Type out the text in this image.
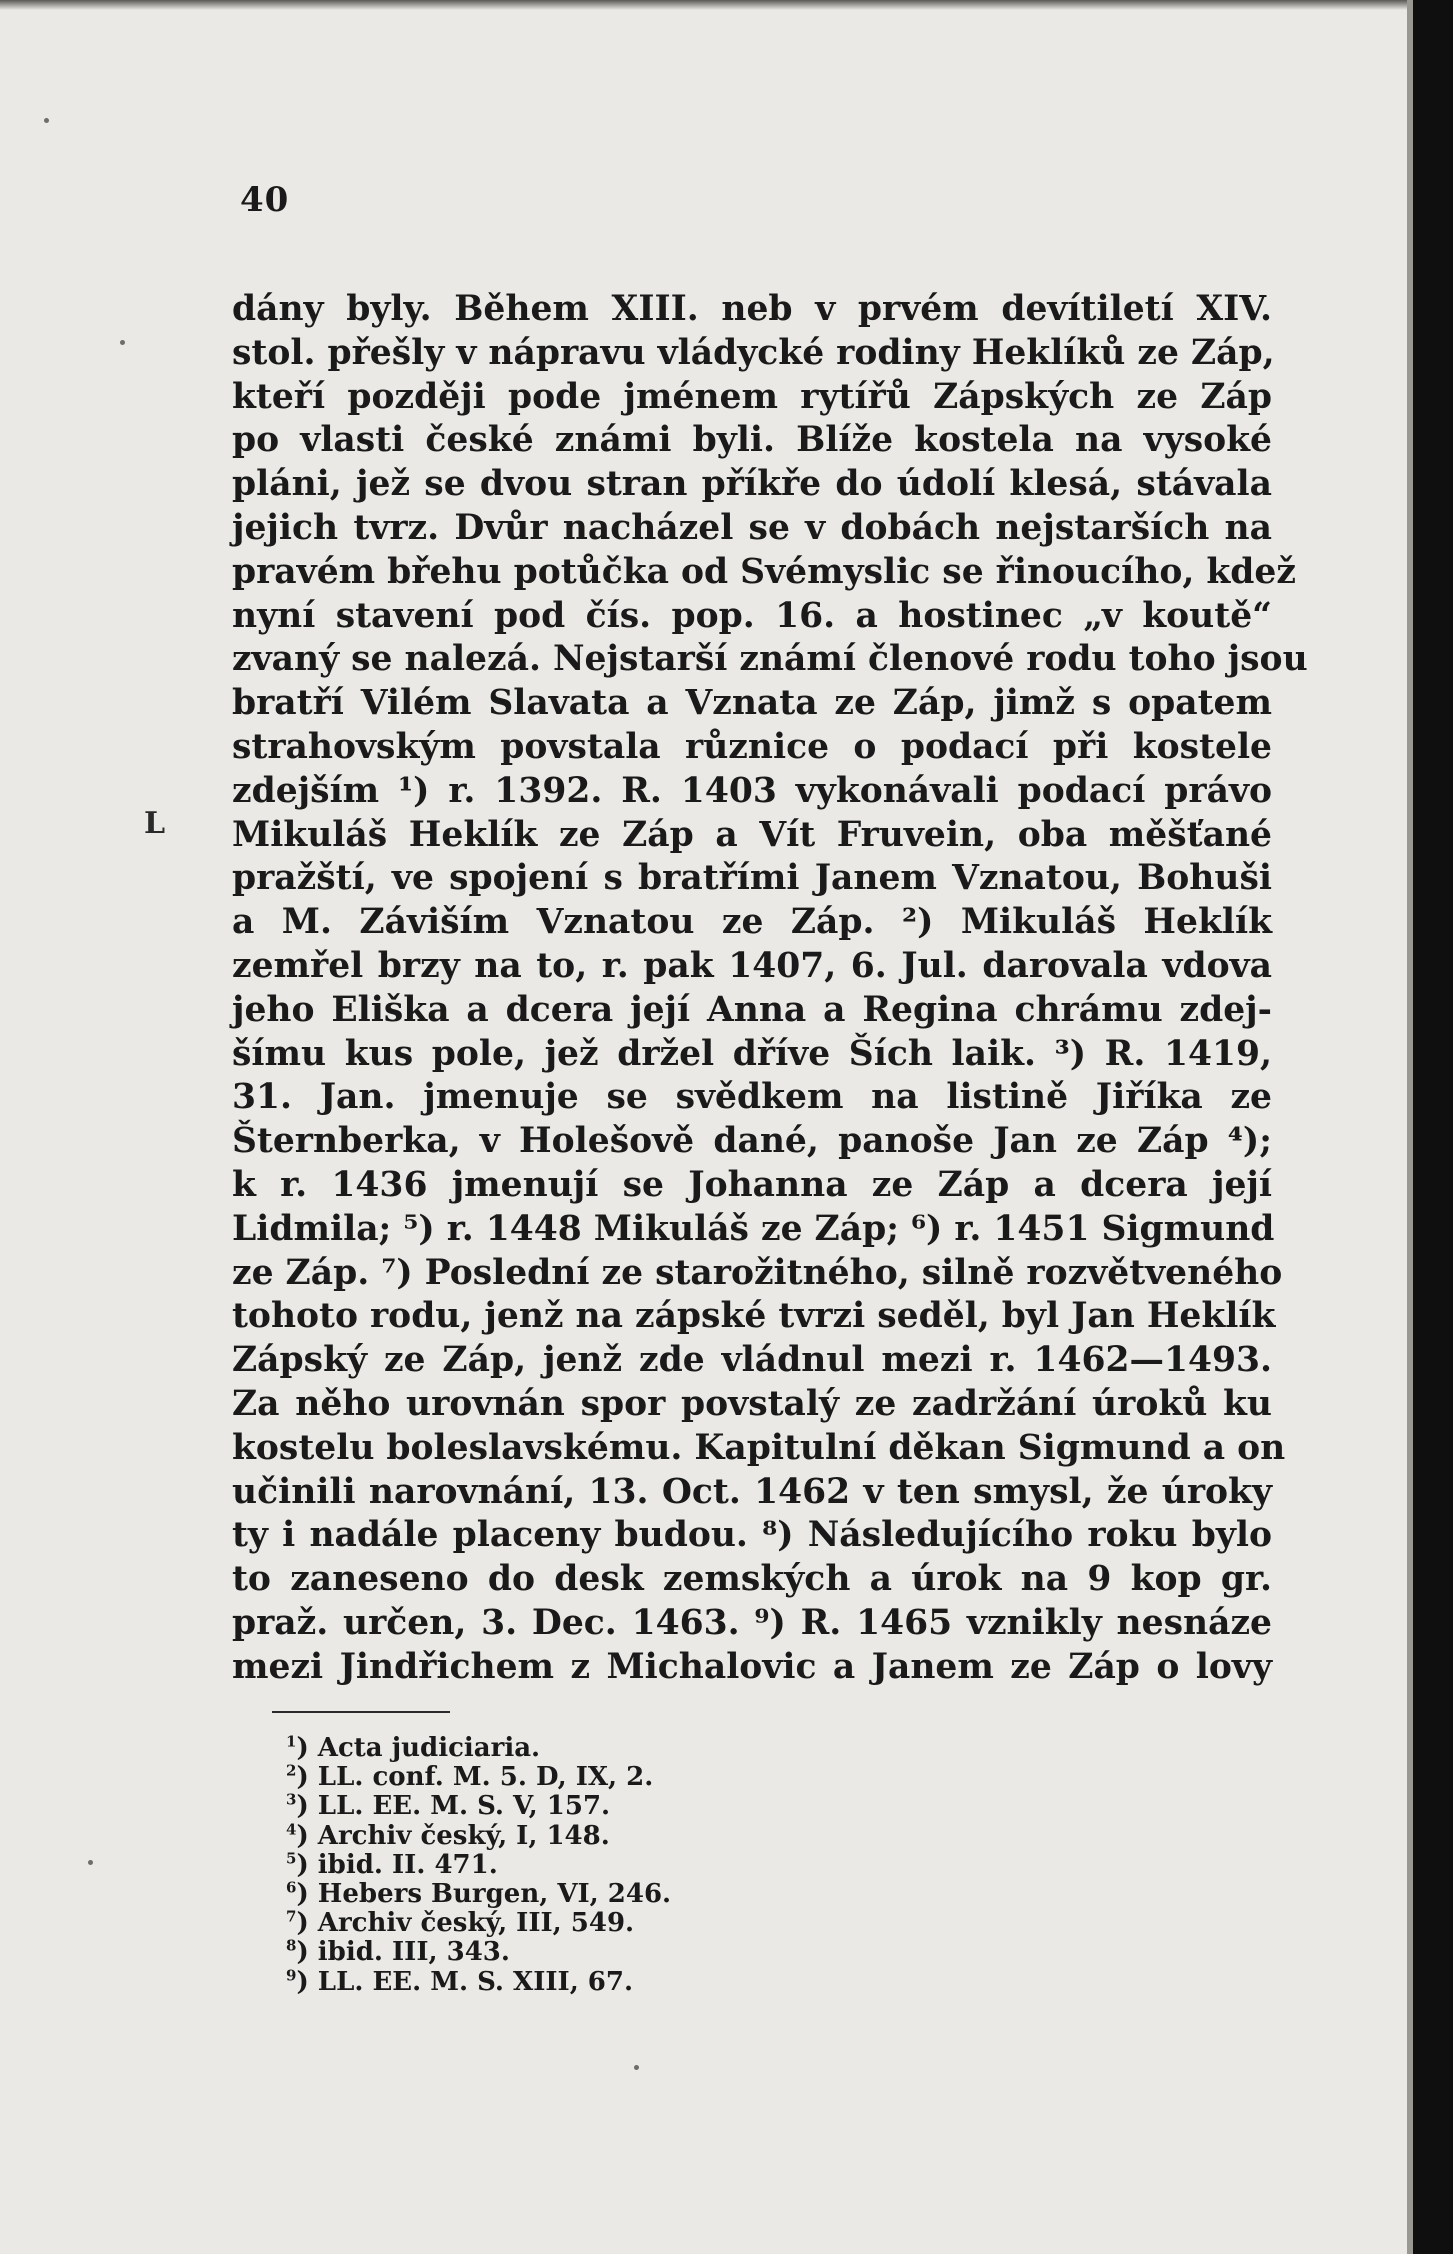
40
L
dány byly. Během XIII. neb v prvém devítiletí XIV.
stol. přešly v nápravu vládycké rodiny Heklíků ze Záp,
kteří později pode jménem rytířů Zápských ze Záp
po vlasti české známi byli. Blíže kostela na vysoké
pláni, jež se dvou stran příkře do údolí klesá, stávala
jejich tvrz. Dvůr nacházel se v dobách nejstarších na
pravém břehu potůčka od Svémyslic se řinoucího, kdež
nyní stavení pod čís. pop. 16. a hostinec „v koutě“
zvaný se nalezá. Nejstarší známí členové rodu toho jsou
bratří Vilém Slavata a Vznata ze Záp, jimž s opatem
strahovským povstala různice o podací při kostele
zdejším ¹) r. 1392. R. 1403 vykonávali podací právo
Mikuláš Heklík ze Záp a Vít Fruvein, oba měšťané
pražští, ve spojení s bratřími Janem Vznatou, Bohuši
a M. Záviším Vznatou ze Záp. ²) Mikuláš Heklík
zemřel brzy na to, r. pak 1407, 6. Jul. darovala vdova
jeho Eliška a dcera její Anna a Regina chrámu zdej-
šímu kus pole, jež držel dříve Ších laik. ³) R. 1419,
31. Jan. jmenuje se svědkem na listině Jiříka ze
Šternberka, v Holešově dané, panoše Jan ze Záp ⁴);
k r. 1436 jmenují se Johanna ze Záp a dcera její
Lidmila; ⁵) r. 1448 Mikuláš ze Záp; ⁶) r. 1451 Sigmund
ze Záp. ⁷) Poslední ze starožitného, silně rozvětveného
tohoto rodu, jenž na zápské tvrzi seděl, byl Jan Heklík
Zápský ze Záp, jenž zde vládnul mezi r. 1462—1493.
Za něho urovnán spor povstalý ze zadržání úroků ku
kostelu boleslavskému. Kapitulní děkan Sigmund a on
učinili narovnání, 13. Oct. 1462 v ten smysl, že úroky
ty i nadále placeny budou. ⁸) Následujícího roku bylo
to zaneseno do desk zemských a úrok na 9 kop gr.
praž. určen, 3. Dec. 1463. ⁹) R. 1465 vznikly nesnáze
mezi Jindřichem z Michalovic a Janem ze Záp o lovy
$^1$) Acta judiciaria.
$^2$) LL. conf. M. 5. D, IX, 2.
$^3$) LL. EE. M. S. V, 157.
$^4$) Archiv český, I, 148.
$^5$) ibid. II. 471.
$^6$) Hebers Burgen, VI, 246.
$^7$) Archiv český, III, 549.
$^8$) ibid. III, 343.
$^9$) LL. EE. M. S. XIII, 67.
